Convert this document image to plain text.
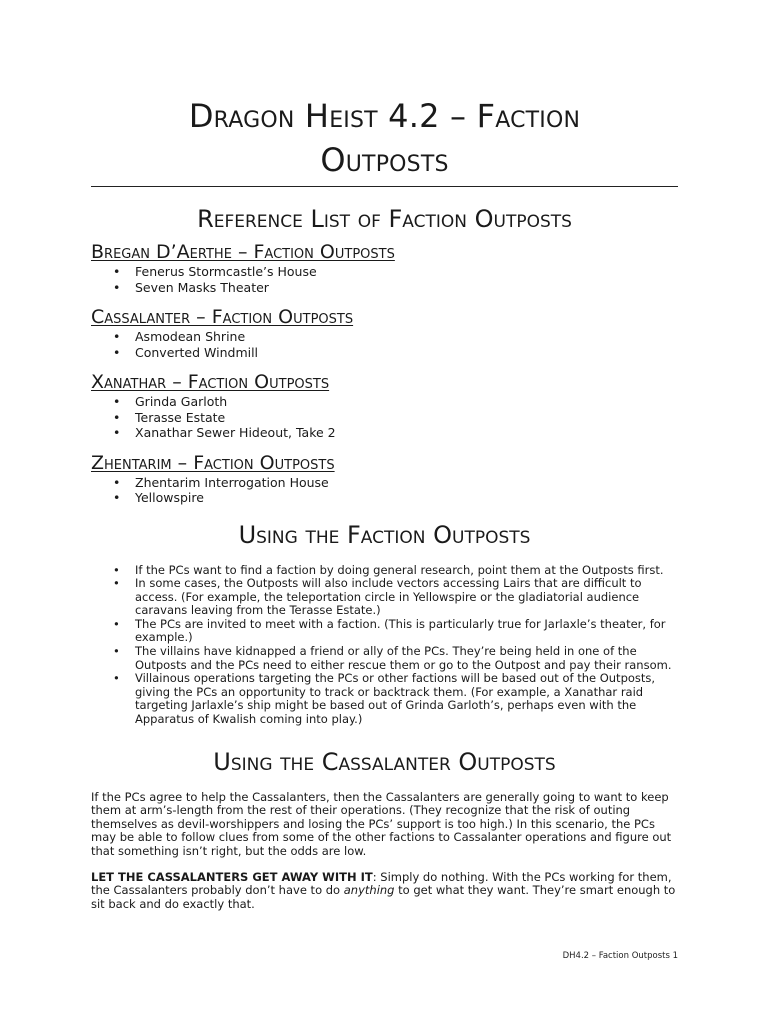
Dragon Heist 4.2 – Faction
Outposts
Reference List of Faction Outposts
Bregan D’Aerthe – Faction Outposts
• Fenerus Stormcastle’s House
• Seven Masks Theater
Cassalanter – Faction Outposts
• Asmodean Shrine
• Converted Windmill
Xanathar – Faction Outposts
• Grinda Garloth
• Terasse Estate
• Xanathar Sewer Hideout, Take 2
Zhentarim – Faction Outposts
• Zhentarim Interrogation House
• Yellowspire
Using the Faction Outposts
• If the PCs want to find a faction by doing general research, point them at the Outposts first.
• In some cases, the Outposts will also include vectors accessing Lairs that are difficult to access. (For example, the teleportation circle in Yellowspire or the gladiatorial audience caravans leaving from the Terasse Estate.)
• The PCs are invited to meet with a faction. (This is particularly true for Jarlaxle’s theater, for example.)
• The villains have kidnapped a friend or ally of the PCs. They’re being held in one of the Outposts and the PCs need to either rescue them or go to the Outpost and pay their ransom.
• Villainous operations targeting the PCs or other factions will be based out of the Outposts, giving the PCs an opportunity to track or backtrack them. (For example, a Xanathar raid targeting Jarlaxle’s ship might be based out of Grinda Garloth’s, perhaps even with the Apparatus of Kwalish coming into play.)
Using the Cassalanter Outposts

If the PCs agree to help the Cassalanters, then the Cassalanters are generally going to want to keep them at arm’s-length from the rest of their operations. (They recognize that the risk of outing themselves as devil-worshippers and losing the PCs’ support is too high.) In this scenario, the PCs may be able to follow clues from some of the other factions to Cassalanter operations and figure out that something isn’t right, but the odds are low.

LET THE CASSALANTERS GET AWAY WITH IT: Simply do nothing. With the PCs working for them, the Cassalanters probably don’t have to do anything to get what they want. They’re smart enough to sit back and do exactly that.

DH4.2 – Faction Outposts 1
